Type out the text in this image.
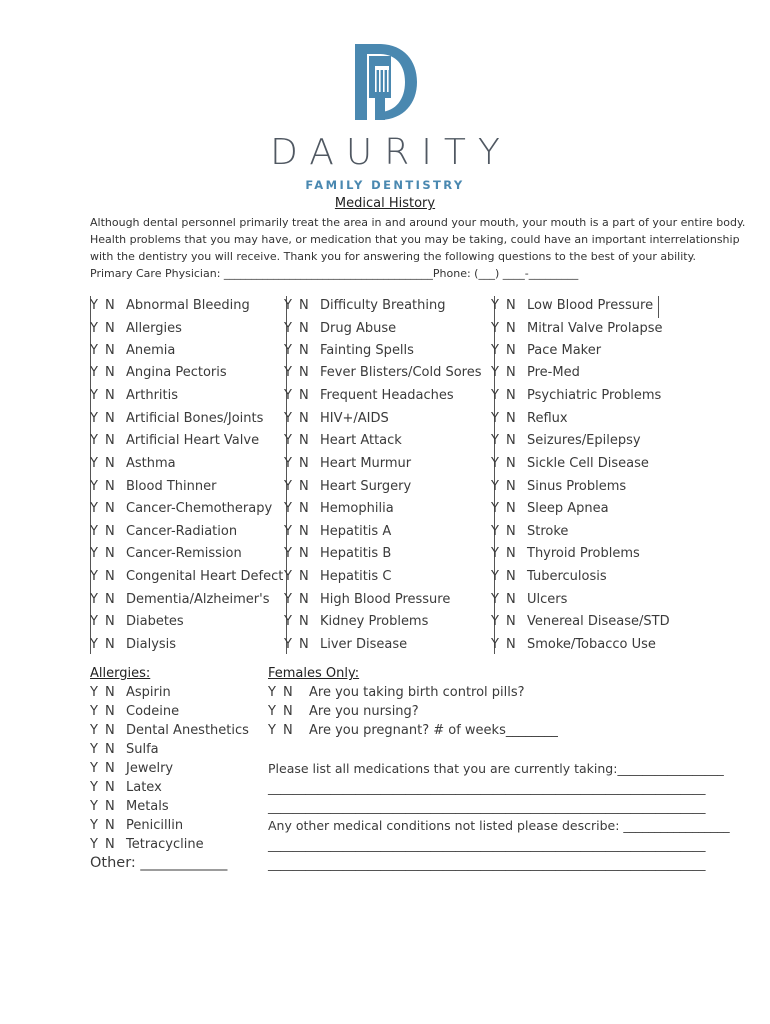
DAURITY
FAMILY DENTISTRY
Medical History
Although dental personnel primarily treat the area in and around your mouth, your mouth is a part of your entire body.
Health problems that you may have, or medication that you may be taking, could have an important interrelationship
with the dentistry you will receive. Thank you for answering the following questions to the best of your ability.
Primary Care Physician: ______________________________________Phone: (___) ____-_________
Y N Abnormal Bleeding
Y N Allergies
Y N Anemia
Y N Angina Pectoris
Y N Arthritis
Y N Artificial Bones/Joints
Y N Artificial Heart Valve
Y N Asthma
Y N Blood Thinner
Y N Cancer-Chemotherapy
Y N Cancer-Radiation
Y N Cancer-Remission
Y N Congenital Heart Defect
Y N Dementia/Alzheimer's
Y N Diabetes
Y N Dialysis
Y N Difficulty Breathing
Y N Drug Abuse
Y N Fainting Spells
Y N Fever Blisters/Cold Sores
Y N Frequent Headaches
Y N HIV+/AIDS
Y N Heart Attack
Y N Heart Murmur
Y N Heart Surgery
Y N Hemophilia
Y N Hepatitis A
Y N Hepatitis B
Y N Hepatitis C
Y N High Blood Pressure
Y N Kidney Problems
Y N Liver Disease
Y N Low Blood Pressure
Y N Mitral Valve Prolapse
Y N Pace Maker
Y N Pre-Med
Y N Psychiatric Problems
Y N Reflux
Y N Seizures/Epilepsy
Y N Sickle Cell Disease
Y N Sinus Problems
Y N Sleep Apnea
Y N Stroke
Y N Thyroid Problems
Y N Tuberculosis
Y N Ulcers
Y N Venereal Disease/STD
Y N Smoke/Tobacco Use
Allergies:
Y N Aspirin
Y N Codeine
Y N Dental Anesthetics
Y N Sulfa
Y N Jewelry
Y N Latex
Y N Metals
Y N Penicillin
Y N Tetracycline
Other: ____________
Females Only:
Y N Are you taking birth control pills?
Y N Are you nursing?
Y N Are you pregnant? # of weeks________
Please list all medications that you are currently taking:_________________
______________________________________________________________________
______________________________________________________________________
Any other medical conditions not listed please describe: _________________
______________________________________________________________________
______________________________________________________________________
